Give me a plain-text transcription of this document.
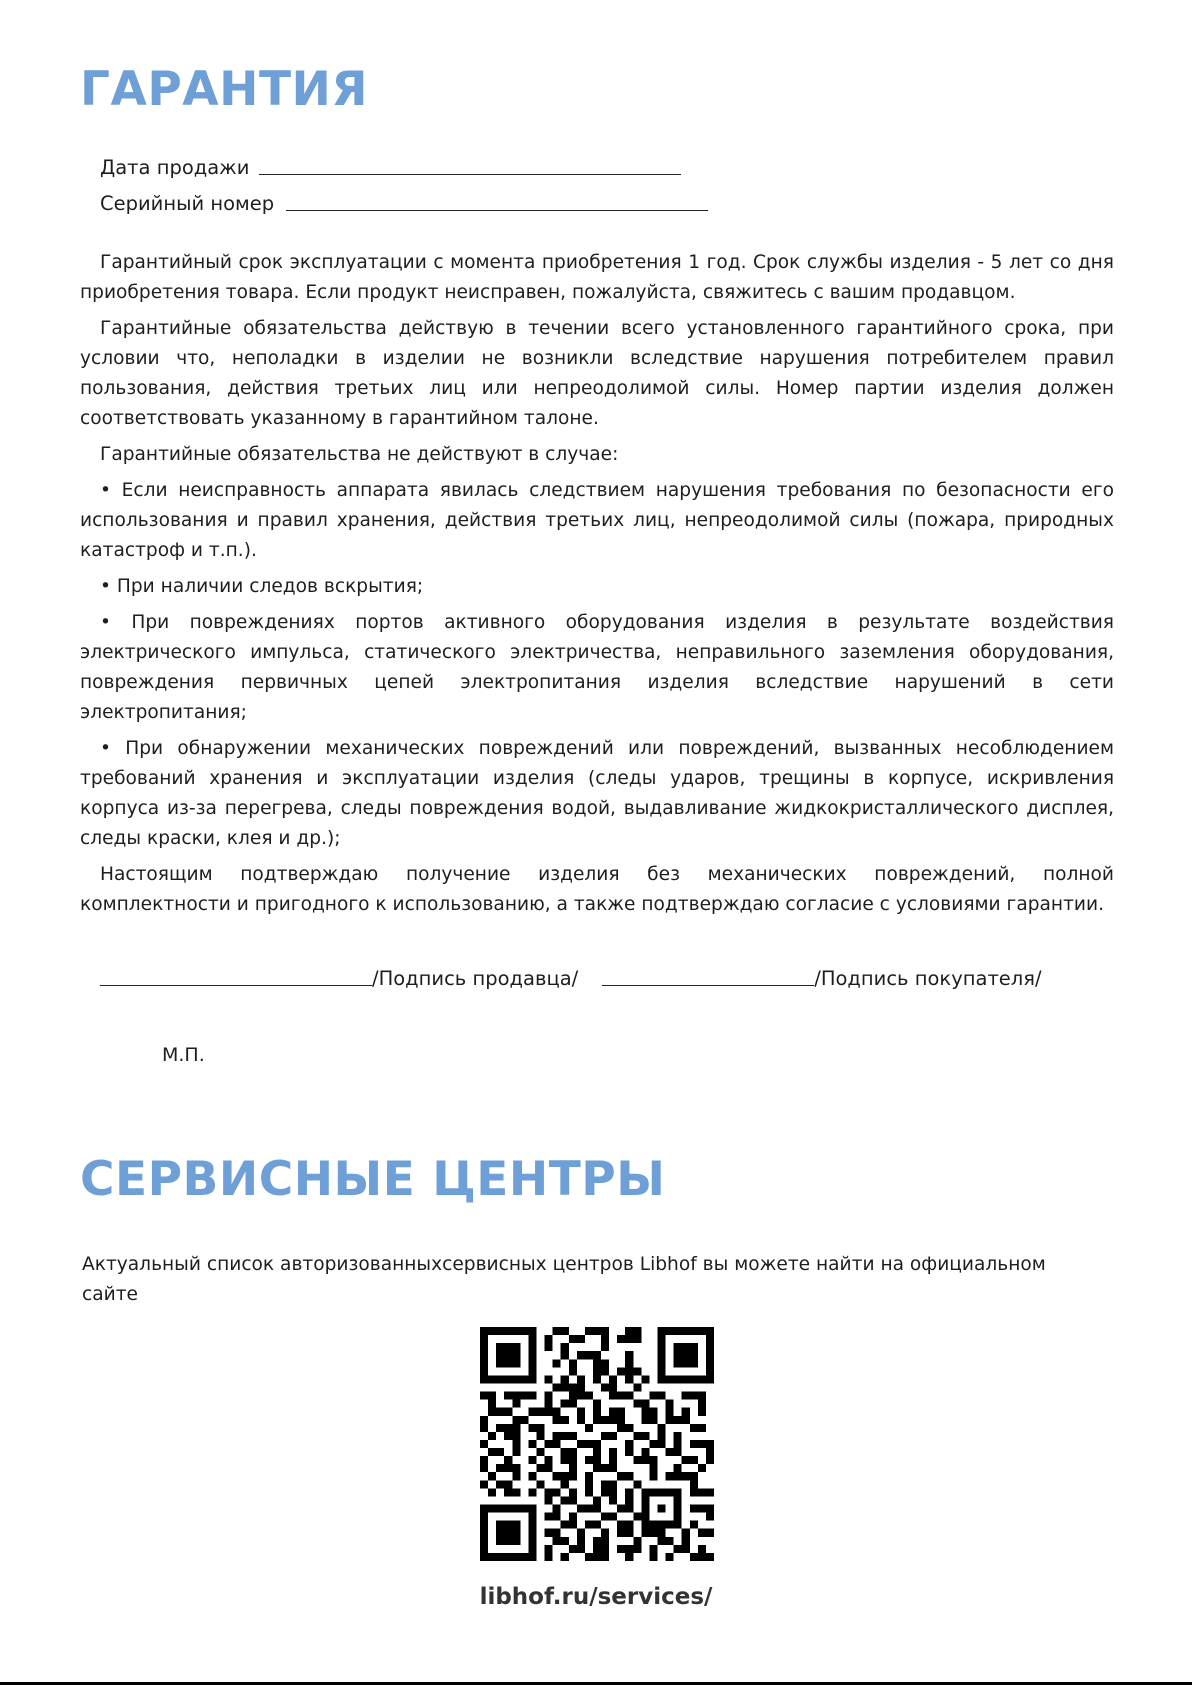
ГАРАНТИЯ
Дата продажи
Серийный номер

Гарантийный срок эксплуатации с момента приобретения 1 год. Срок службы изделия - 5 лет со дня приобретения товара. Если продукт неисправен, пожалуйста, свяжитесь с вашим продавцом.

Гарантийные обязательства действую в течении всего установленного гарантийного срока, при условии что, неполадки в изделии не возникли вследствие нарушения потребителем правил пользования, действия третьих лиц или непреодолимой силы. Номер партии изделия должен соответствовать указанному в гарантийном талоне.

Гарантийные обязательства не действуют в случае:

• Если неисправность аппарата явилась следствием нарушения требования по безопасности его использования и правил хранения, действия третьих лиц, непреодолимой силы (пожара, природных катастроф и т.п.).

• При наличии следов вскрытия;

• При повреждениях портов активного оборудования изделия в результате воздействия электрического импульса, статического электричества, неправильного заземления оборудования, повреждения первичных цепей электропитания изделия вследствие нарушений в сети электропитания;

• При обнаружении механических повреждений или повреждений, вызванных несоблюдением требований хранения и эксплуатации изделия (следы ударов, трещины в корпусе, искривления корпуса из-за перегрева, следы повреждения водой, выдавливание жидкокристаллического дисплея, следы краски, клея и др.);

Настоящим подтверждаю получение изделия без механических повреждений, полной комплектности и пригодного к использованию, а также подтверждаю согласие с условиями гарантии.

/Подпись продавца/	/Подпись покупателя/
М.П.
СЕРВИСНЫЕ ЦЕНТРЫ
Актуальный список авторизованныхсервисных центров Libhof вы можете найти на официальном сайте
libhof.ru/services/
